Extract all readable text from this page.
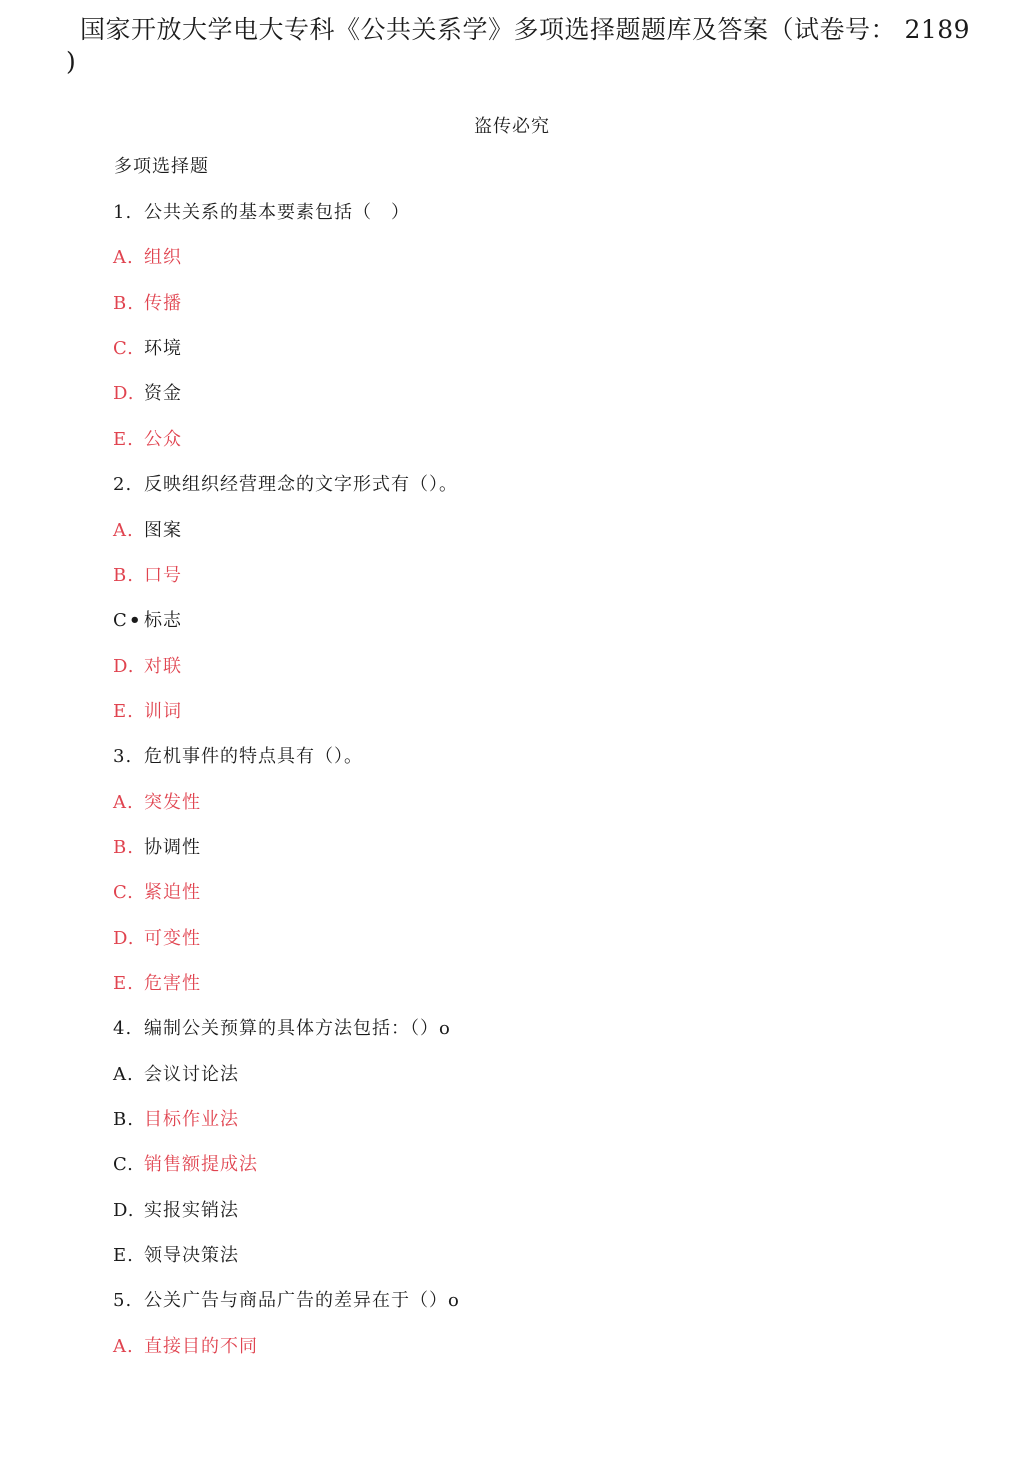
国家开放大学电大专科《公共关系学》多项选择题题库及答案（试卷号： 2189
)
盗传必究
多项选择题
1. 公共关系的基本要素包括（　）
A. 组织
B. 传播
C. 环境
D. 资金
E. 公众
2. 反映组织经营理念的文字形式有（）。
A. 图案
B. 口号
C• 标志
D. 对联
E. 训词
3. 危机事件的特点具有（）。
A. 突发性
B. 协调性
C. 紧迫性
D. 可变性
E. 危害性
4. 编制公关预算的具体方法包括：（）o
A. 会议讨论法
B. 目标作业法
C. 销售额提成法
D. 实报实销法
E. 领导决策法
5. 公关广告与商品广告的差异在于（）o
A. 直接目的不同
